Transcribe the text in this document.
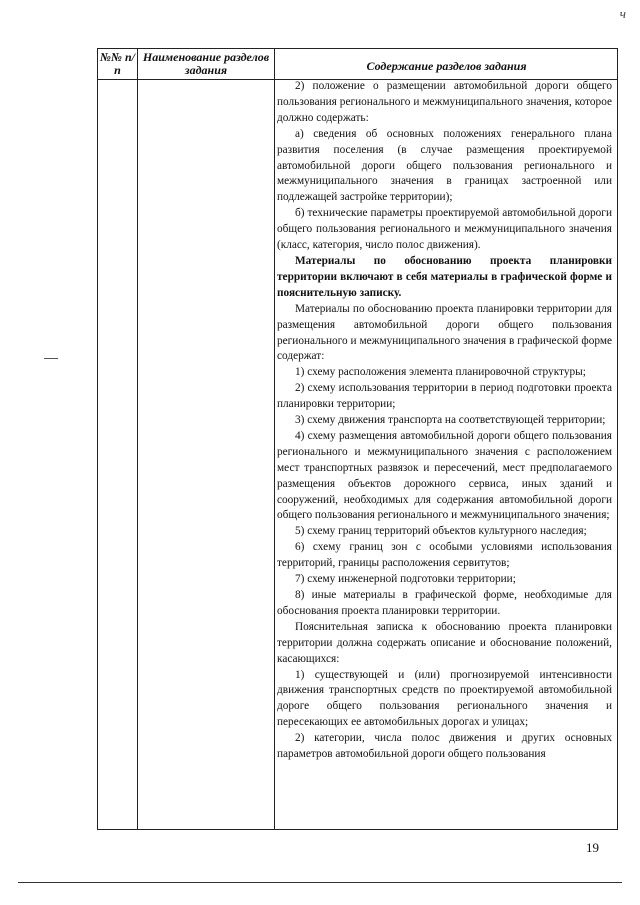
ч
№№ п/п
Наименование разделов задания	Содержание разделов задания

2) положение о размещении автомобильной дороги общего пользования регионального и межмуниципального значения, которое должно содержать:

а) сведения об основных положениях генерального плана развития поселения (в случае размещения проектируемой автомобильной дороги общего пользования регионального и межмуниципального значения в границах застроенной или подлежащей застройке территории);

б) технические параметры проектируемой автомобильной дороги общего пользования регионального и межмуниципального значения (класс, категория, число полос движения).

Материалы по обоснованию проекта планировки территории включают в себя материалы в графической форме и пояснительную записку.

Материалы по обоснованию проекта планировки территории для размещения автомобильной дороги общего пользования регионального и межмуниципального значения в графической форме содержат:

1) схему расположения элемента планировочной структуры;

2) схему использования территории в период подготовки проекта планировки территории;

3) схему движения транспорта на соответствующей территории;

4) схему размещения автомобильной дороги общего пользования регионального и межмуниципального значения с расположением мест транспортных развязок и пересечений, мест предполагаемого размещения объектов дорожного сервиса, иных зданий и сооружений, необходимых для содержания автомобильной дороги общего пользования регионального и межмуниципального значения;

5) схему границ территорий объектов культурного наследия;

6) схему границ зон с особыми условиями использования территорий, границы расположения сервитутов;

7) схему инженерной подготовки территории;

8) иные материалы в графической форме, необходимые для обоснования проекта планировки территории.

Пояснительная записка к обоснованию проекта планировки территории должна содержать описание и обоснование положений, касающихся:

1) существующей и (или) прогнозируемой интенсивности движения транспортных средств по проектируемой автомобильной дороге общего пользования регионального значения и пересекающих ее автомобильных дорогах и улицах;

2) категории, числа полос движения и других основных параметров автомобильной дороги общего пользования

19
